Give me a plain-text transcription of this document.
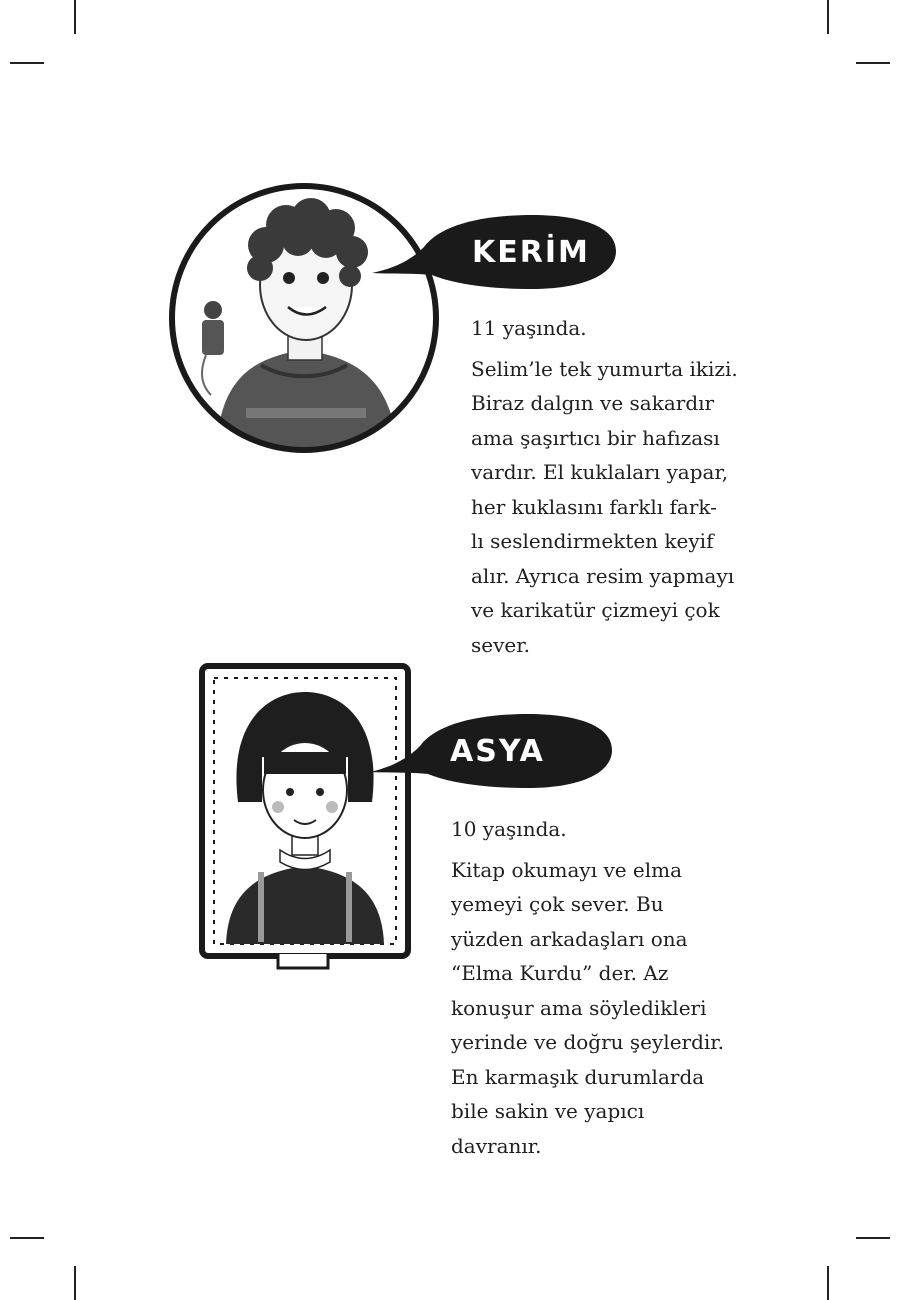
KERİM
11 yaşında.
Selim’le tek yumurta ikizi.
Biraz dalgın ve sakardır
ama şaşırtıcı bir hafızası
vardır. El kuklaları yapar,
her kuklasını farklı fark-
lı seslendirmekten keyif
alır. Ayrıca resim yapmayı
ve karikatür çizmeyi çok
sever.
ASYA
10 yaşında.
Kitap okumayı ve elma
yemeyi çok sever. Bu
yüzden arkadaşları ona
“Elma Kurdu” der. Az
konuşur ama söyledikleri
yerinde ve doğru şeylerdir.
En karmaşık durumlarda
bile sakin ve yapıcı
davranır.
